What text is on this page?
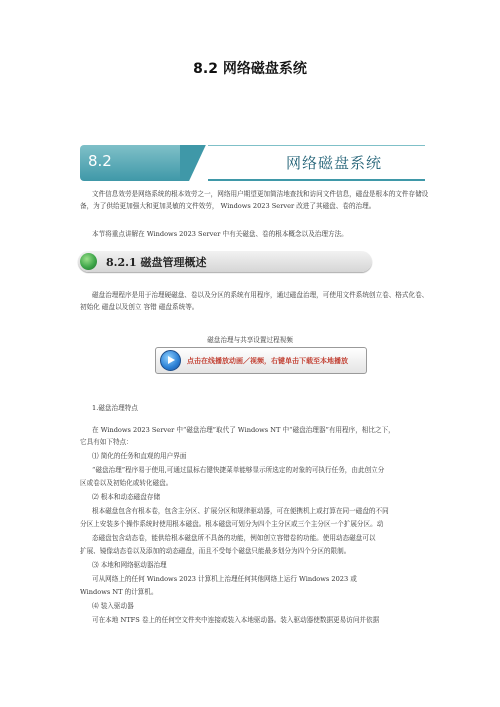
8.2 网络磁盘系统
8.2	网络磁盘系统
文件信息效劳是网络系统的根本效劳之一，网络用户期望更加简洁地查找和访问文件信息，磁盘是根本的文件存储设备，为了供给更加强大和更加灵敏的文件效劳， Windows 2023 Server 改进了其磁盘、卷的治理。
本节将重点讲解在 Windows 2023 Server 中有关磁盘、卷的根本概念以及治理方法。
8.2.1 磁盘管理概述
磁盘治理程序是用于治理硬磁盘、卷以及分区的系统有用程序，通过磁盘治理，可使用文件系统创立卷、格式化卷、 初始化 磁盘以及创立 容错 磁盘系统等。
磁盘治理与共享设置过程视频
点击在线播放动画／视频，右键单击下载至本地播放
1.磁盘治理特点
在 Windows 2023 Server 中“磁盘治理”取代了 Windows NT 中“磁盘治理器”有用程序，相比之下，
它具有如下特点：
⑴ 简化的任务和直观的用户界面
“磁盘治理”程序易于使用,可通过鼠标右键快捷菜单能够显示所选定的对象的可执行任务，由此创立分
区或卷以及初始化或转化磁盘。
⑵ 根本和动态磁盘存储
根本磁盘包含有根本卷，包含主分区、扩展分区和规律驱动器，可在便携机上或打算在同一磁盘的不同
分区上安装多个操作系统时使用根本磁盘。根本磁盘可划分为四个主分区或三个主分区一个扩展分区。动
态磁盘包含动态卷，能供给根本磁盘所不具备的功能，例如创立容错卷的功能。使用动态磁盘可以
扩展、镜像动态卷以及添加的动态磁盘，而且不受每个磁盘只能最多划分为四个分区的限制。
⑶ 本地和网络驱动器治理
可从网络上的任何 Windows 2023 计算机上治理任何其他网络上运行 Windows 2023 或
Windows NT 的计算机。
⑷ 装入驱动器
可在本地 NTFS 卷上的任何空文件夹中连接或装入本地驱动器。装入驱动器使数据更易访问并依据
